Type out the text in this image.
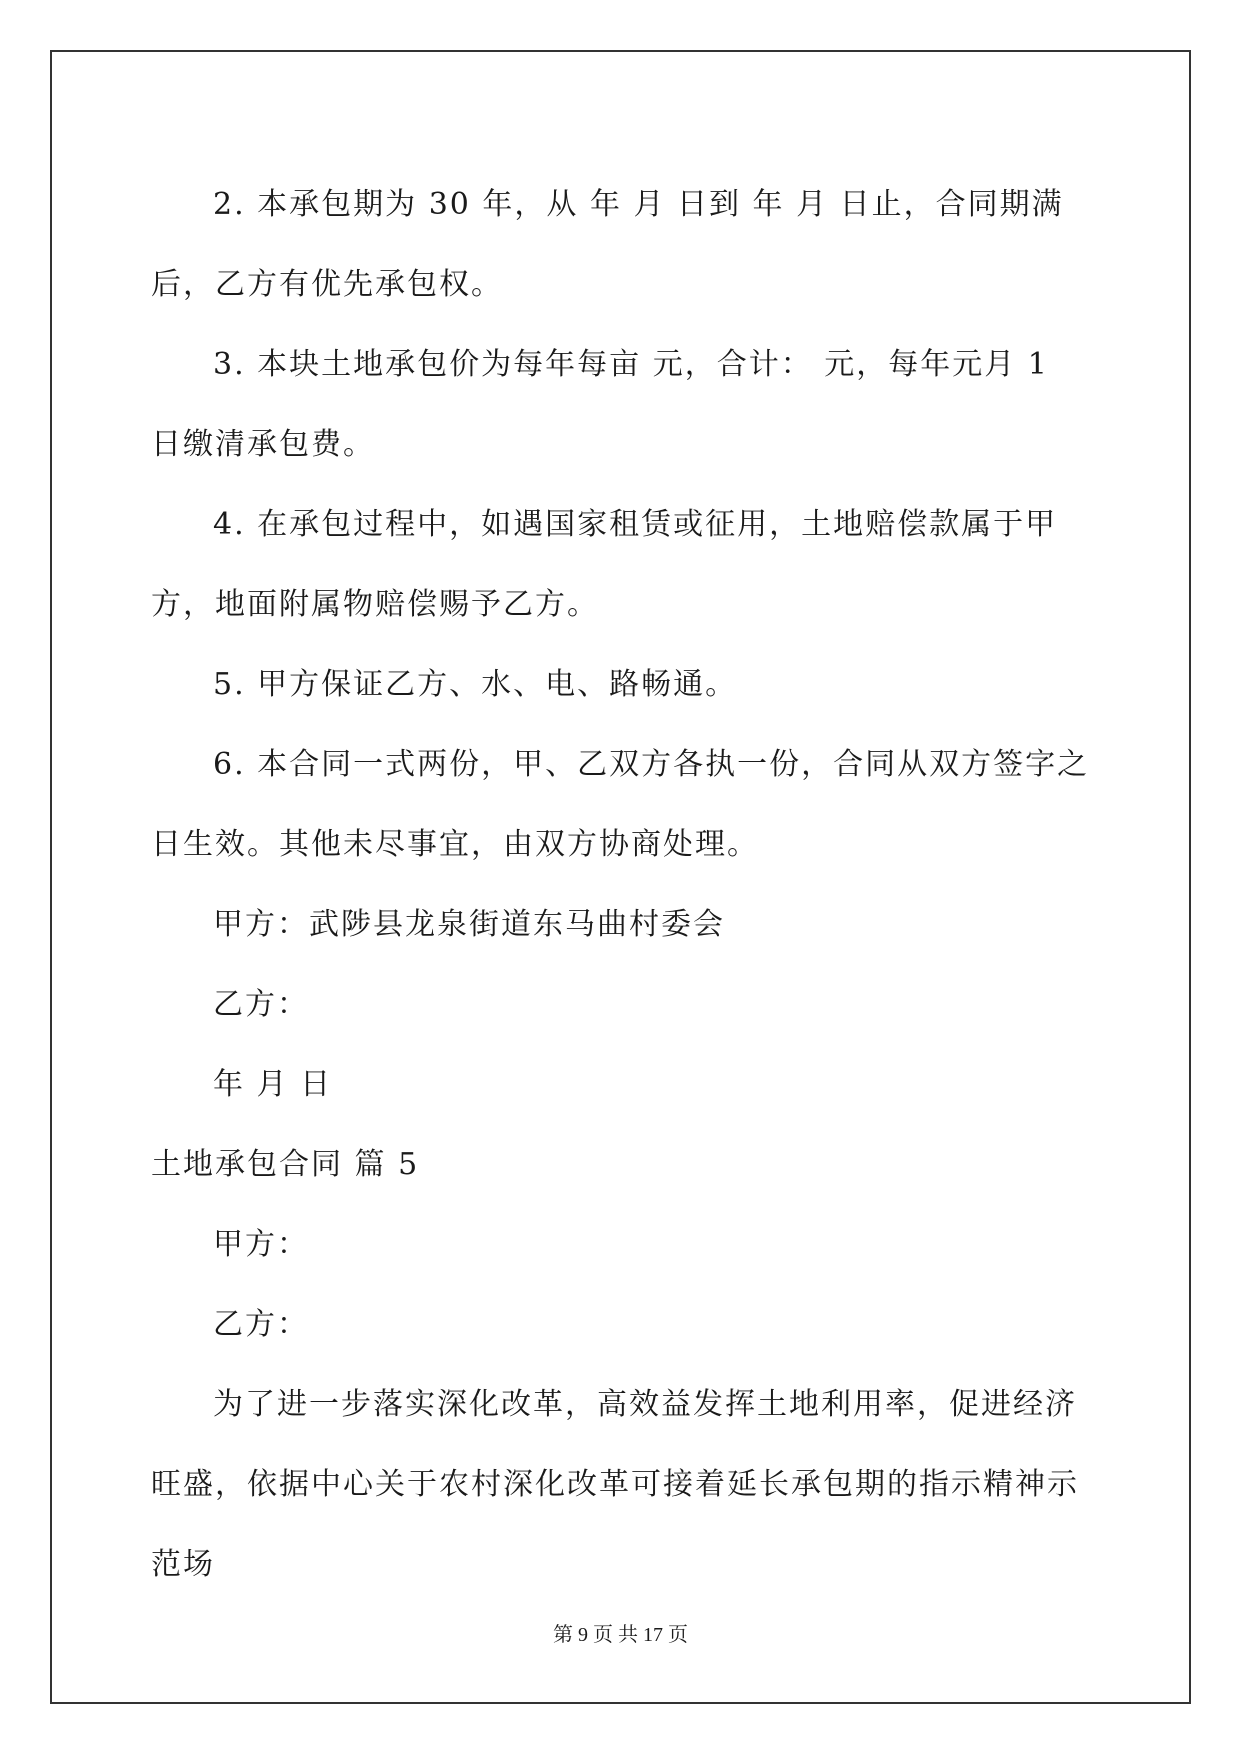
2. 本承包期为 30 年，从 年 月 日到 年 月 日止，合同期满后，乙方有优先承包权。

3. 本块土地承包价为每年每亩 元，合计： 元，每年元月 1 日缴清承包费。

4. 在承包过程中，如遇国家租赁或征用，土地赔偿款属于甲方，地面附属物赔偿赐予乙方。

5. 甲方保证乙方、水、电、路畅通。

6. 本合同一式两份，甲、乙双方各执一份，合同从双方签字之日生效。其他未尽事宜，由双方协商处理。

甲方：武陟县龙泉街道东马曲村委会

乙方：

年 月 日

土地承包合同 篇 5

甲方：

乙方：

为了进一步落实深化改革，高效益发挥土地利用率，促进经济旺盛，依据中心关于农村深化改革可接着延长承包期的指示精神示范场

第 9 页 共 17 页
